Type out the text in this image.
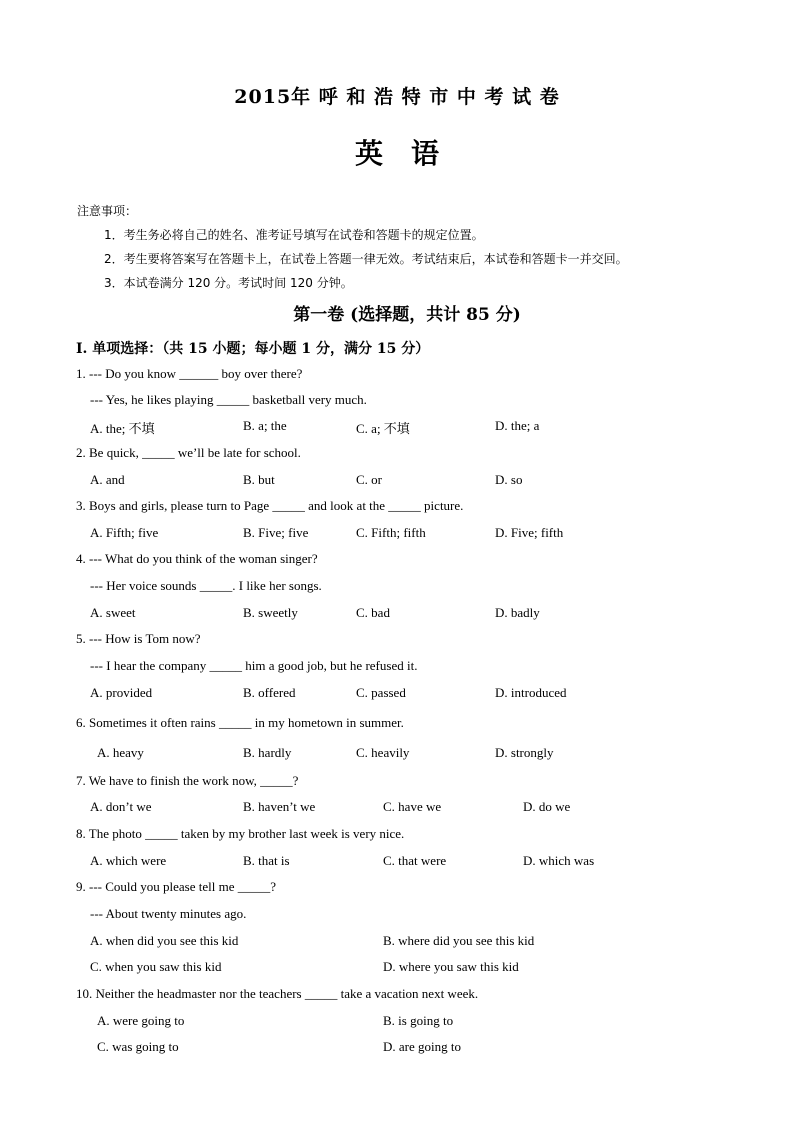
2015年 呼 和 浩 特 市 中 考 试 卷
英　语
注意事项：
1．考生务必将自己的姓名、准考证号填写在试卷和答题卡的规定位置。
2．考生要将答案写在答题卡上，在试卷上答题一律无效。考试结束后，本试卷和答题卡一并交回。
3．本试卷满分 120 分。考试时间 120 分钟。
第一卷 (选择题，共计 85 分)
I. 单项选择：（共 15 小题；每小题 1 分，满分 15 分）
1. --- Do you know ______ boy over there?
--- Yes, he likes playing _____ basketball very much.
A. the; 不填	B. a; the	C. a; 不填	D. the; a
2. Be quick, _____ we’ll be late for school.
A. and	B. but	C. or	D. so
3. Boys and girls, please turn to Page _____ and look at the _____ picture.
A. Fifth; five	B. Five; five	C. Fifth; fifth	D. Five; fifth
4. --- What do you think of the woman singer?
--- Her voice sounds _____. I like her songs.
A. sweet	B. sweetly	C. bad	D. badly
5. --- How is Tom now?
--- I hear the company _____ him a good job, but he refused it.
A. provided	B. offered	C. passed	D. introduced
6. Sometimes it often rains _____ in my hometown in summer.
A. heavy	B. hardly	C. heavily	D. strongly
7. We have to finish the work now, _____?
A. don’t we	B. haven’t we	C. have we	D. do we
8. The photo _____ taken by my brother last week is very nice.
A. which were	B. that is	C. that were	D. which was
9. --- Could you please tell me _____?
--- About twenty minutes ago.
A. when did you see this kid	B. where did you see this kid
C. when you saw this kid	D. where you saw this kid
10. Neither the headmaster nor the teachers _____ take a vacation next week.
A. were going to	B. is going to
C. was going to	D. are going to
